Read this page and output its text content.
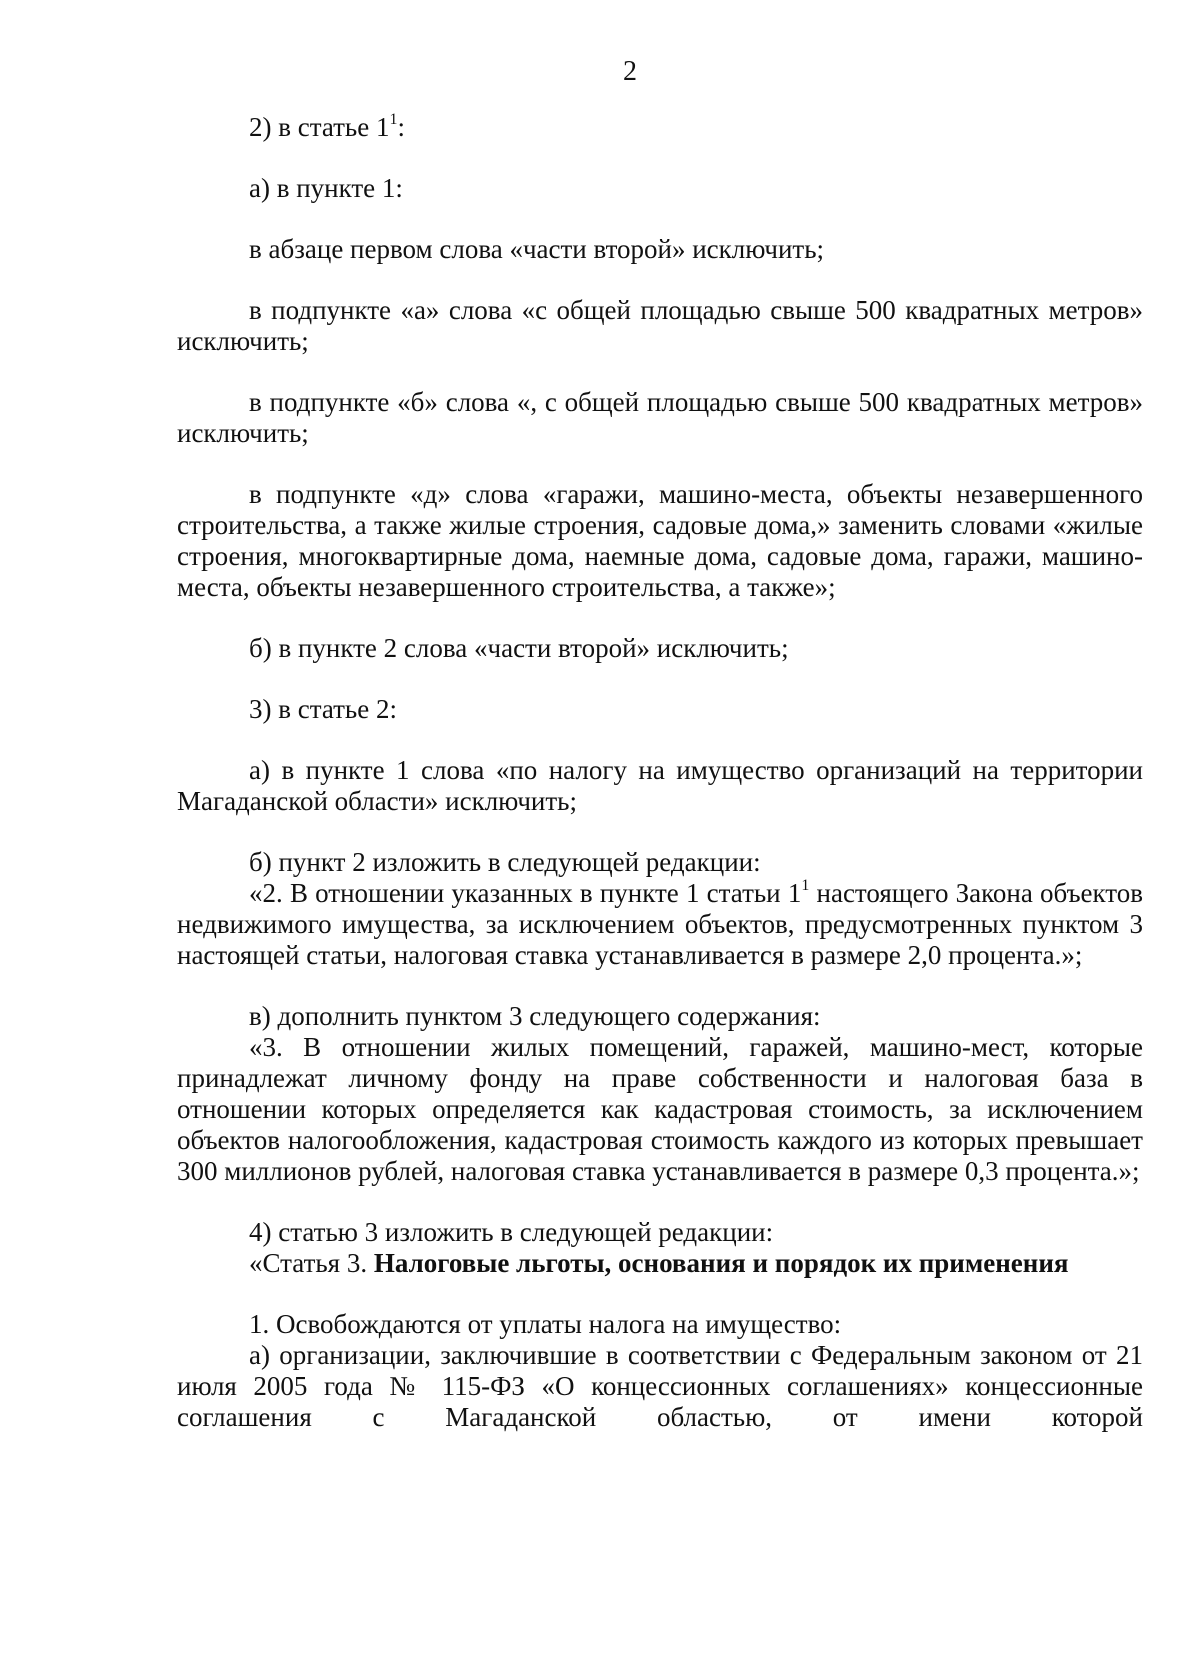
2

2) в статье $1^1$:

а) в пункте 1:

в абзаце первом слова «части второй» исключить;

в подпункте «а» слова «с общей площадью свыше 500 квадратных метров» исключить;

в подпункте «б» слова «, с общей площадью свыше 500 квадратных метров» исключить;

в подпункте «д» слова «гаражи, машино-места, объекты незавершенного строительства, а также жилые строения, садовые дома,» заменить словами «жилые строения, многоквартирные дома, наемные дома, садовые дома, гаражи, машино-места, объекты незавершенного строительства, а также»;

б) в пункте 2 слова «части второй» исключить;

3) в статье 2:

а) в пункте 1 слова «по налогу на имущество организаций на территории Магаданской области» исключить;

б) пункт 2 изложить в следующей редакции:

«2. В отношении указанных в пункте 1 статьи $1^1$ настоящего Закона объектов недвижимого имущества, за исключением объектов, предусмотренных пунктом 3 настоящей статьи, налоговая ставка устанавливается в размере 2,0 процента.»;

в) дополнить пунктом 3 следующего содержания:

«3. В отношении жилых помещений, гаражей, машино-мест, которые принадлежат личному фонду на праве собственности и налоговая база в отношении которых определяется как кадастровая стоимость, за исключением объектов налогообложения, кадастровая стоимость каждого из которых превышает 300 миллионов рублей, налоговая ставка устанавливается в размере 0,3 процента.»;

4) статью 3 изложить в следующей редакции:

«Статья 3. Налоговые льготы, основания и порядок их применения

1. Освобождаются от уплаты налога на имущество:

а) организации, заключившие в соответствии с Федеральным законом от 21 июля 2005 года № 115-ФЗ «О концессионных соглашениях» концессионные соглашения с Магаданской областью, от имени которой
